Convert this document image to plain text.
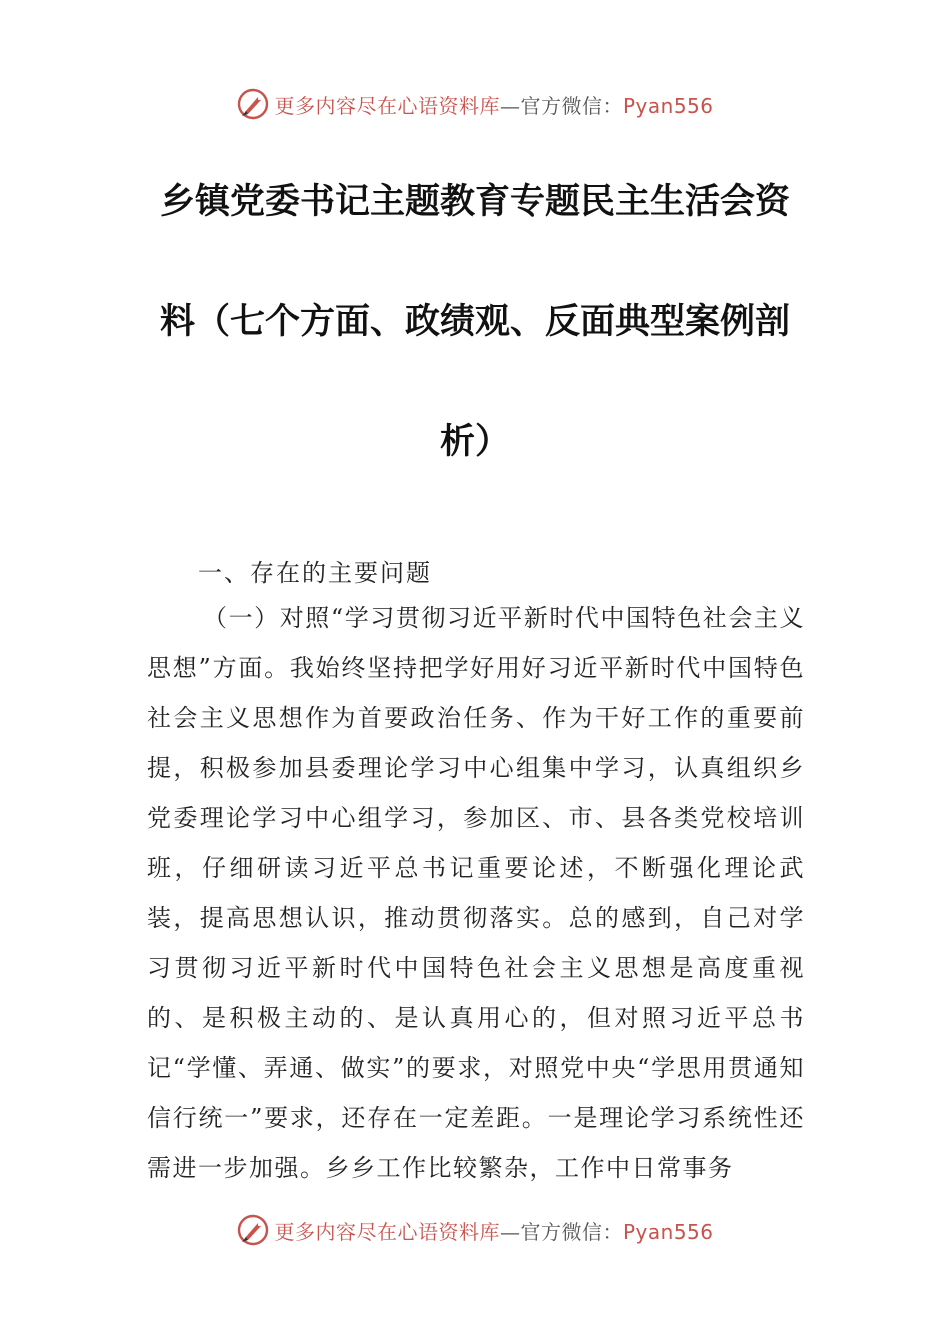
更多内容尽在心语资料库—官方微信：Pyan556
乡镇党委书记主题教育专题民主生活会资
料（七个方面、政绩观、反面典型案例剖
析）
一、存在的主要问题

（一）对照“学习贯彻习近平新时代中国特色社会主义思想”方面。我始终坚持把学好用好习近平新时代中国特色社会主义思想作为首要政治任务、作为干好工作的重要前提，积极参加县委理论学习中心组集中学习，认真组织乡党委理论学习中心组学习，参加区、市、县各类党校培训班，仔细研读习近平总书记重要论述，不断强化理论武装，提高思想认识，推动贯彻落实。总的感到，自己对学习贯彻习近平新时代中国特色社会主义思想是高度重视的、是积极主动的、是认真用心的，但对照习近平总书记“学懂、弄通、做实”的要求，对照党中央“学思用贯通知信行统一”要求，还存在一定差距。一是理论学习系统性还需进一步加强。乡乡工作比较繁杂，工作中日常事务

更多内容尽在心语资料库—官方微信：Pyan556
